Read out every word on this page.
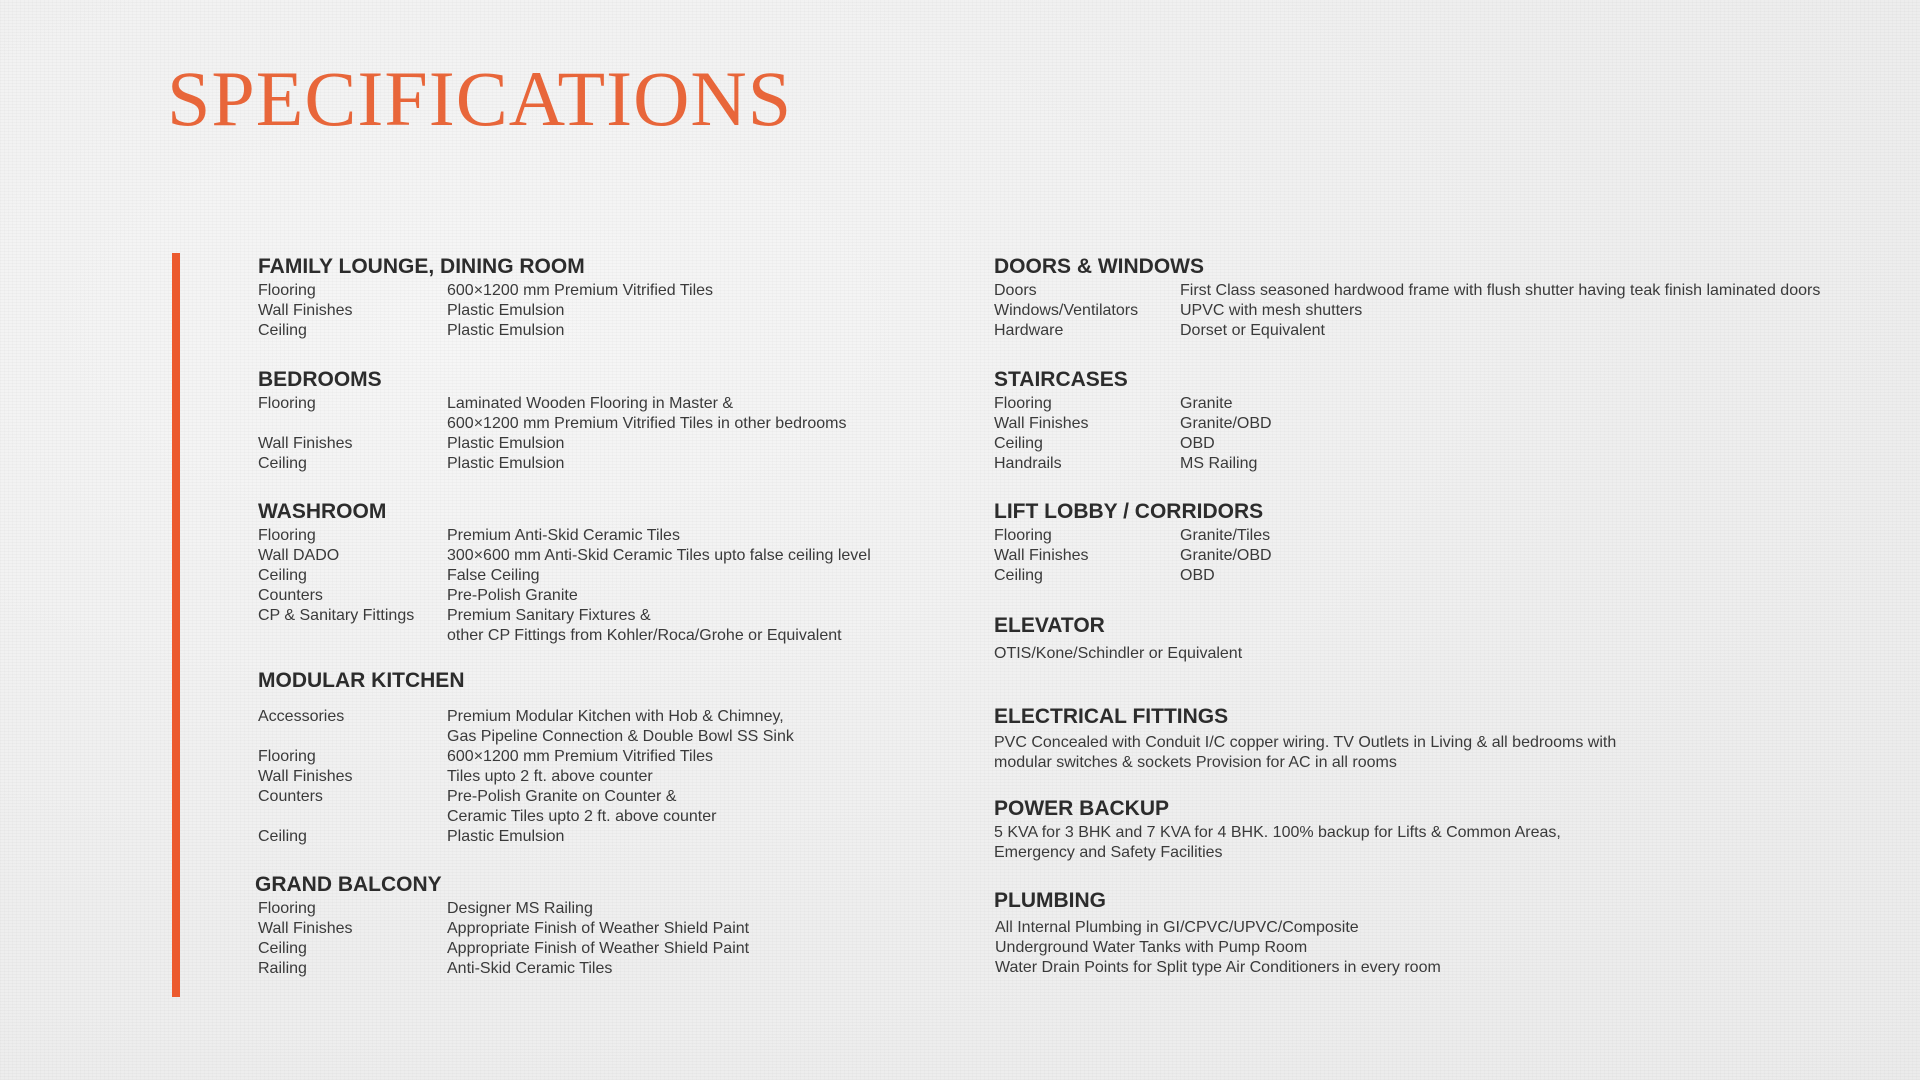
SPECIFICATIONS
FAMILY LOUNGE, DINING ROOM
Flooring	600×1200 mm Premium Vitrified Tiles
Wall Finishes	Plastic Emulsion
Ceiling	Plastic Emulsion
BEDROOMS
Flooring	Laminated Wooden Flooring in Master &
600×1200 mm Premium Vitrified Tiles in other bedrooms
Wall Finishes	Plastic Emulsion
Ceiling	Plastic Emulsion
WASHROOM
Flooring	Premium Anti-Skid Ceramic Tiles
Wall DADO	300×600 mm Anti-Skid Ceramic Tiles upto false ceiling level
Ceiling	False Ceiling
Counters	Pre-Polish Granite
CP & Sanitary Fittings	Premium Sanitary Fixtures &
other CP Fittings from Kohler/Roca/Grohe or Equivalent
MODULAR KITCHEN
Accessories	Premium Modular Kitchen with Hob & Chimney,
Gas Pipeline Connection & Double Bowl SS Sink
Flooring	600×1200 mm Premium Vitrified Tiles
Wall Finishes	Tiles upto 2 ft. above counter
Counters	Pre-Polish Granite on Counter &
Ceramic Tiles upto 2 ft. above counter
Ceiling	Plastic Emulsion
GRAND BALCONY
Flooring	Designer MS Railing
Wall Finishes	Appropriate Finish of Weather Shield Paint
Ceiling	Appropriate Finish of Weather Shield Paint
Railing	Anti-Skid Ceramic Tiles
DOORS & WINDOWS
Doors	First Class seasoned hardwood frame with flush shutter having teak finish laminated doors
Windows/Ventilators	UPVC with mesh shutters
Hardware	Dorset or Equivalent
STAIRCASES
Flooring	Granite
Wall Finishes	Granite/OBD
Ceiling	OBD
Handrails	MS Railing
LIFT LOBBY / CORRIDORS
Flooring	Granite/Tiles
Wall Finishes	Granite/OBD
Ceiling	OBD
ELEVATOR
OTIS/Kone/Schindler or Equivalent
ELECTRICAL FITTINGS
PVC Concealed with Conduit I/C copper wiring. TV Outlets in Living & all bedrooms with
modular switches & sockets Provision for AC in all rooms
POWER BACKUP
5 KVA for 3 BHK and 7 KVA for 4 BHK. 100% backup for Lifts & Common Areas,
Emergency and Safety Facilities
PLUMBING
All Internal Plumbing in GI/CPVC/UPVC/Composite
Underground Water Tanks with Pump Room
Water Drain Points for Split type Air Conditioners in every room
